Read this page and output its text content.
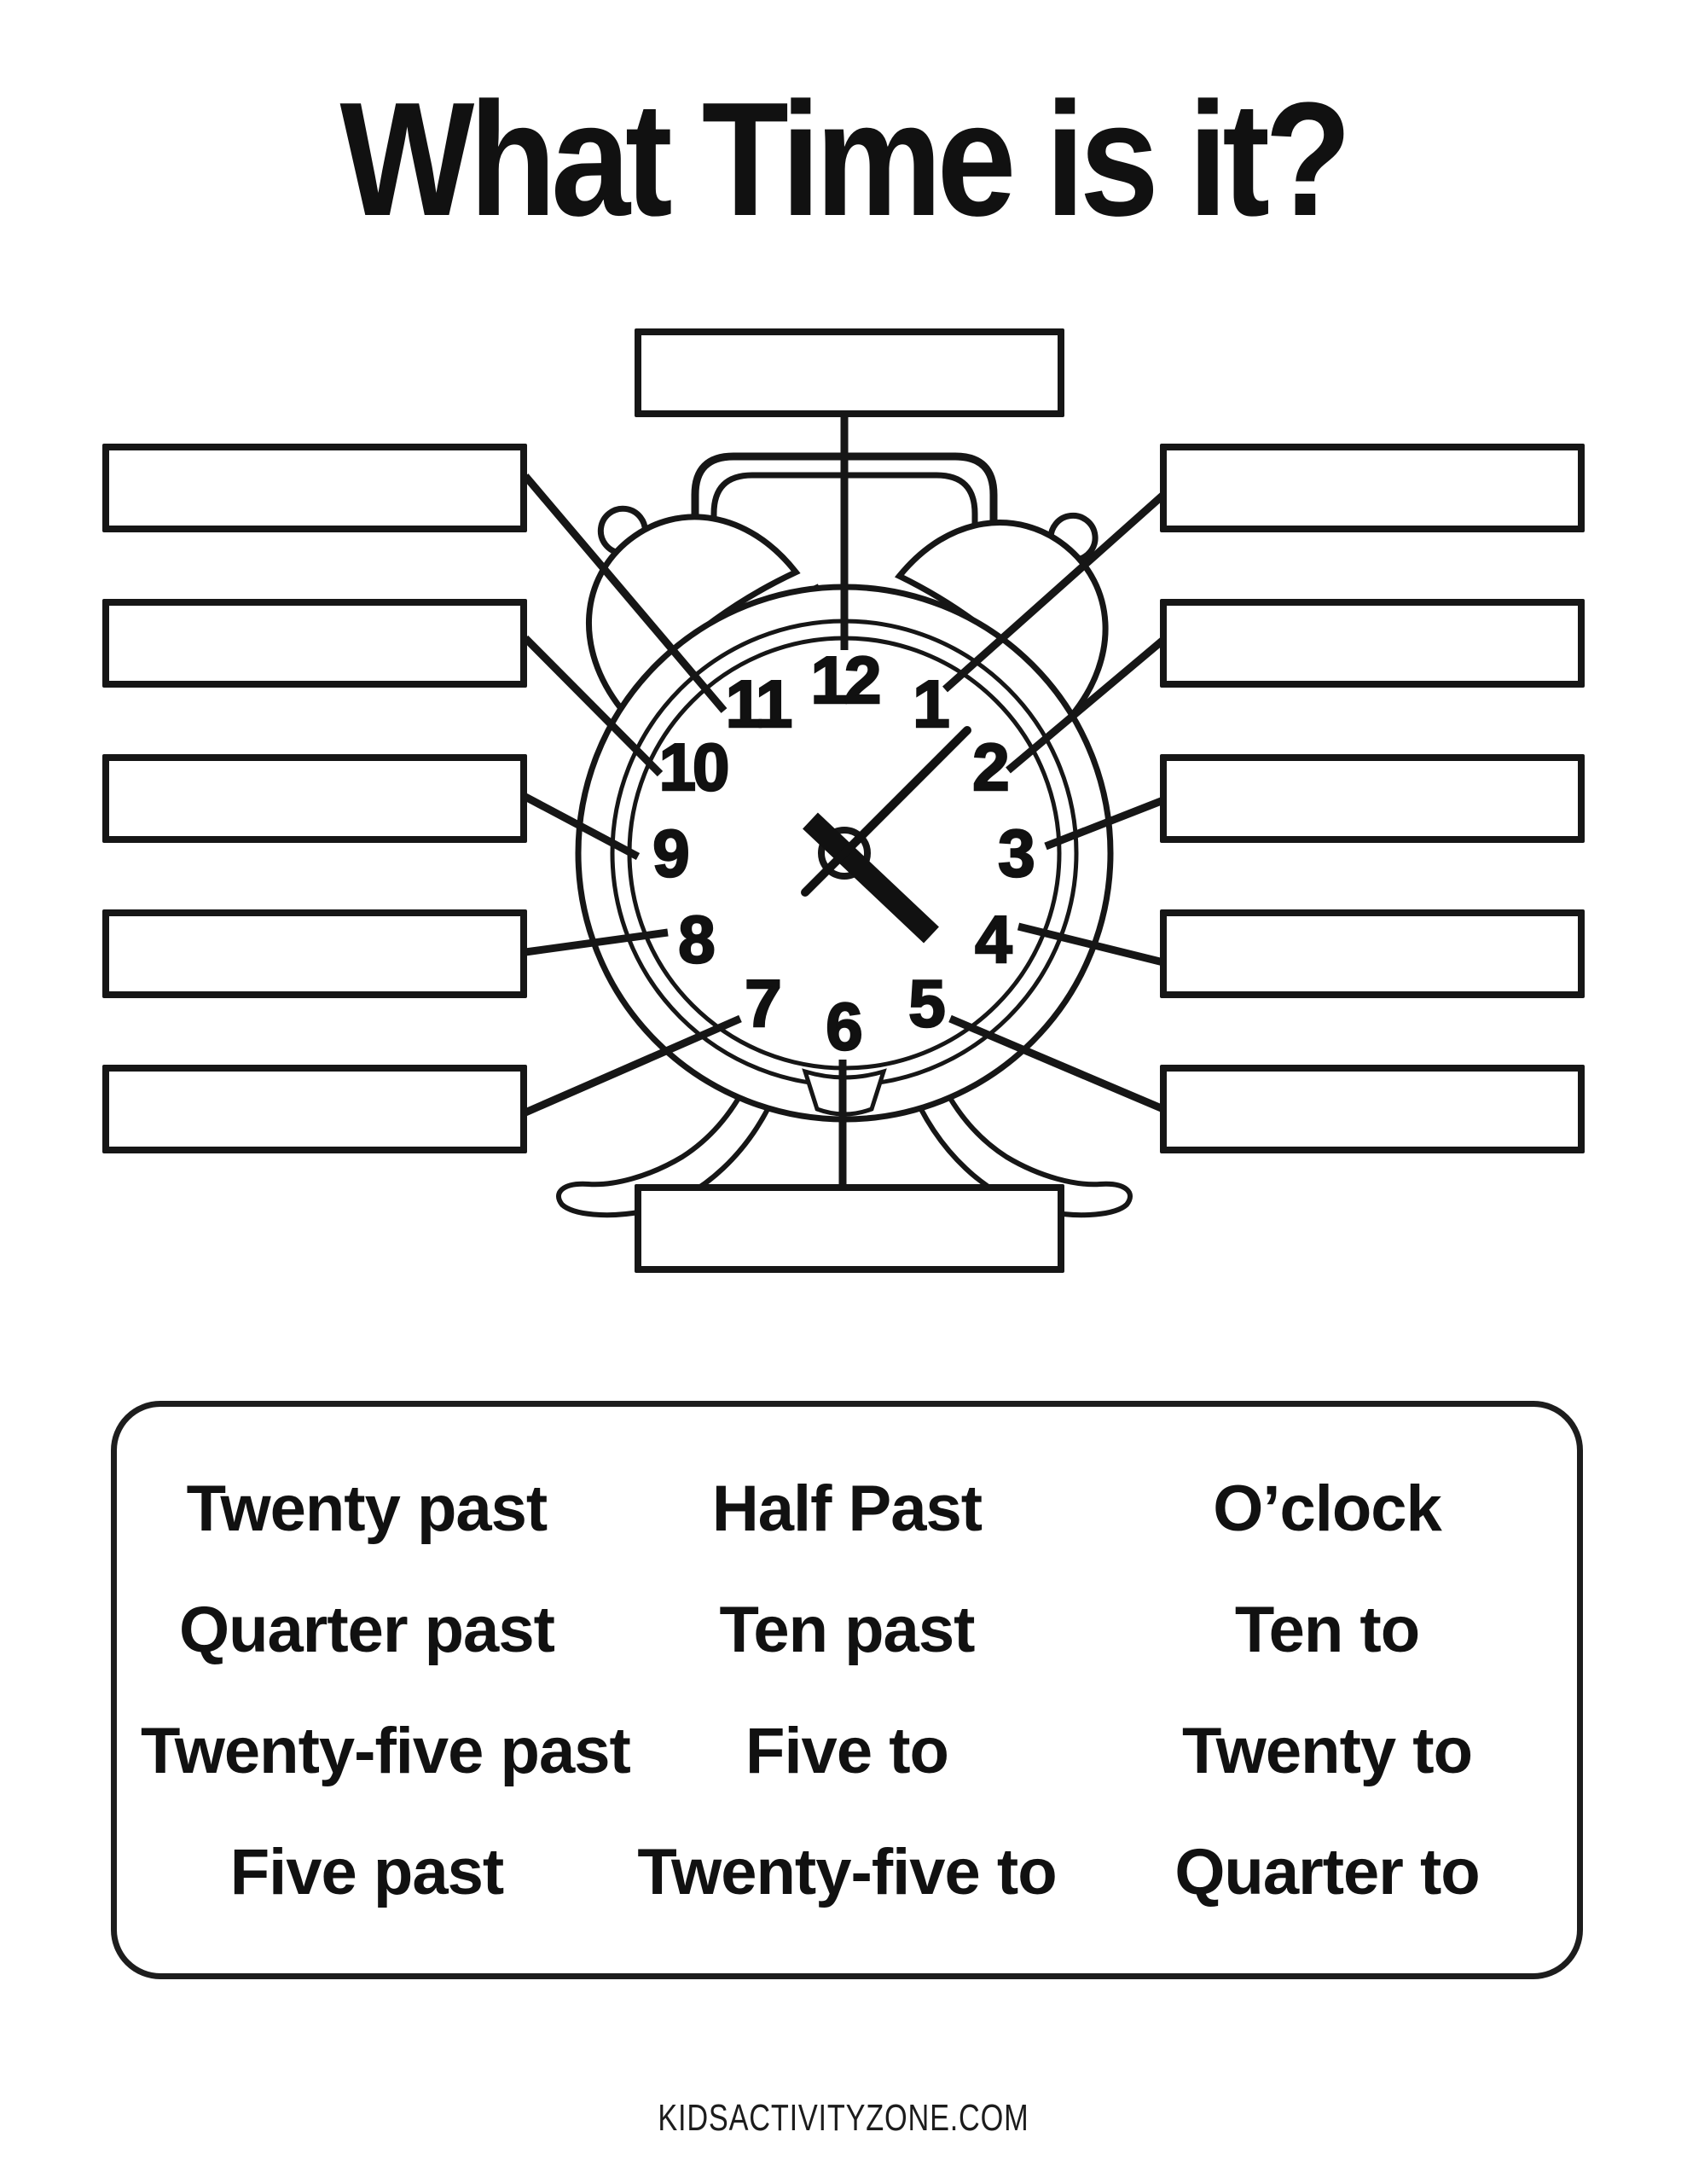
What Time is it?
12 1
2
3
4
5
6
7
8
9
10
11
Twenty past	Half Past	O’clock
Quarter past	Ten past	Ten to
Twenty-five past	Five to	Twenty to
Five past	Twenty-five to	Quarter to
KIDSACTIVITYZONE.COM
